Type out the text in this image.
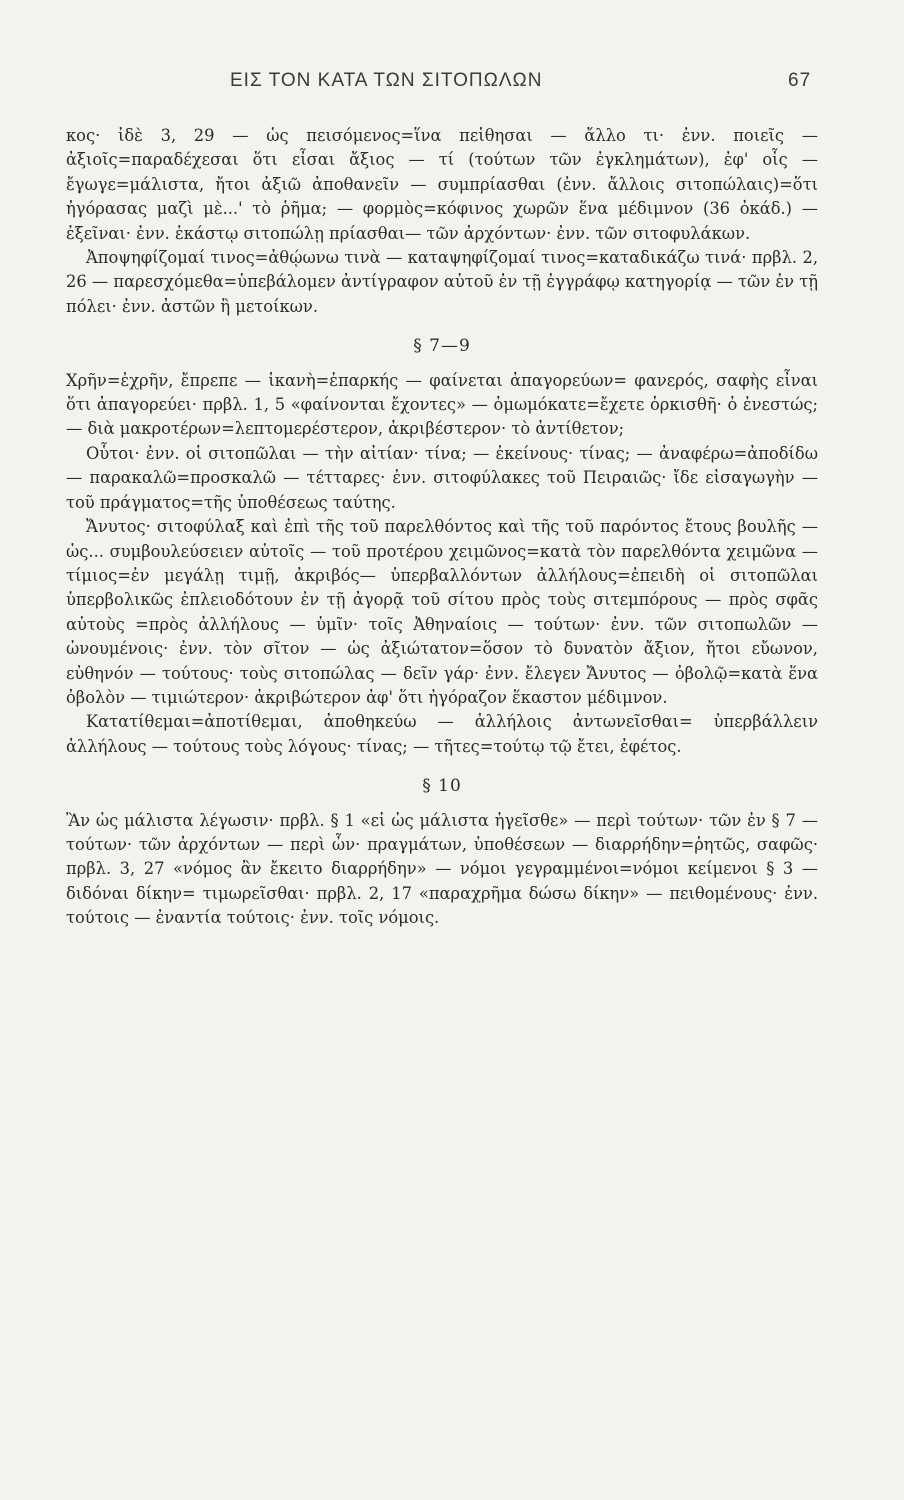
ΕΙΣ ΤΟΝ ΚΑΤΑ ΤΩΝ ΣΙΤΟΠΩΛΩΝ	67

κος· ἰδὲ 3, 29 — ὡς πεισόμενος=ἵνα πεἱθησαι — ἄλλο τι· ἐνν. ποιεῖς — ἀξιοῖς=παραδέχεσαι ὅτι εἶσαι ἄξιος — τί (τούτων τῶν ἐγκλημάτων), ἐφ' οἷς — ἔγωγε=μάλιστα, ἤτοι ἀξιῶ ἀποθανεῖν — συμπρίασθαι (ἐνν. ἄλλοις σιτοπώλαις)=ὅτι ἠγόρασας μαζὶ μὲ...' τὸ ῥῆμα; — φορμὸς=κόφινος χωρῶν ἕνα μέδιμνον (36 ὀκάδ.) — ἐξεῖναι· ἐνν. ἑκάστῳ σιτοπώλῃ πρίασθαι— τῶν ἀρχόντων· ἐνν. τῶν σιτοφυλάκων.

Ἀποψηφίζομαί τινος=ἀθῴωνω τινὰ — καταψηφίζομαί τινος=καταδικάζω τινά· πρβλ. 2, 26 — παρεσχόμεθα=ὑπεβάλομεν ἀντίγραφον αὐτοῦ ἐν τῇ ἐγγράφῳ κατηγορίᾳ — τῶν ἐν τῇ πόλει· ἐνν. ἀστῶν ἢ μετοίκων.

§ 7—9

Χρῆν=ἐχρῆν, ἔπρεπε — ἱκανὴ=ἐπαρκής — φαίνεται ἀπαγορεύων= φανερός, σαφὴς εἶναι ὅτι ἀπαγορεύει· πρβλ. 1, 5 «φαίνονται ἔχοντες» — ὁμωμόκατε=ἔχετε ὁρκισθῆ· ὁ ἐνεστώς; — διὰ μακροτέρων=λεπτομερέστερον, ἀκριβέστερον· τὸ ἀντίθετον;

Οὗτοι· ἐνν. οἱ σιτοπῶλαι — τὴν αἰτίαν· τίνα; — ἐκείνους· τίνας; — ἀναφέρω=ἀποδίδω — παρακαλῶ=προσκαλῶ — τέτταρες· ἐνν. σιτοφύλακες τοῦ Πειραιῶς· ἴδε εἰσαγωγὴν — τοῦ πράγματος=τῆς ὑποθέσεως ταύτης.

Ἄνυτος· σιτοφύλαξ καὶ ἐπὶ τῆς τοῦ παρελθόντος καὶ τῆς τοῦ παρόντος ἔτους βουλῆς — ὡς... συμβουλεύσειεν αὐτοῖς — τοῦ προτέρου χειμῶνος=κατὰ τὸν παρελθόντα χειμῶνα — τίμιος=ἐν μεγάλῃ τιμῇ, ἀκριβός— ὑπερβαλλόντων ἀλλήλους=ἐπειδὴ οἱ σιτοπῶλαι ὑπερβολικῶς ἐπλειοδότουν ἐν τῇ ἀγορᾷ τοῦ σίτου πρὸς τοὺς σιτεμπόρους — πρὸς σφᾶς αὐτοὺς =πρὸς ἀλλήλους — ὑμῖν· τοῖς Ἀθηναίοις — τούτων· ἐνν. τῶν σιτοπωλῶν — ὠνουμένοις· ἐνν. τὸν σῖτον — ὡς ἀξιώτατον=ὅσον τὸ δυνατὸν ἄξιον, ἤτοι εὔωνον, εὐθηνόν — τούτους· τοὺς σιτοπώλας — δεῖν γάρ· ἐνν. ἔλεγεν Ἄνυτος — ὀβολῷ=κατὰ ἕνα ὀβολὸν — τιμιώτερον· ἀκριβώτερον ἀφ' ὅτι ἠγόραζον ἕκαστον μέδιμνον.

Κατατίθεμαι=ἀποτίθεμαι, ἀποθηκεύω — ἀλλήλοις ἀντωνεῖσθαι= ὑπερβάλλειν ἀλλήλους — τούτους τοὺς λόγους· τίνας; — τῆτες=τούτῳ τῷ ἔτει, ἐφέτος.

§ 10

Ἂν ὡς μάλιστα λέγωσιν· πρβλ. § 1 «εἰ ὡς μάλιστα ἡγεῖσθε» — περὶ τούτων· τῶν ἐν § 7 — τούτων· τῶν ἀρχόντων — περὶ ὧν· πραγμάτων, ὑποθέσεων — διαρρήδην=ῥητῶς, σαφῶς· πρβλ. 3, 27 «νόμος ἂν ἔκειτο διαρρήδην» — νόμοι γεγραμμένοι=νόμοι κείμενοι § 3 — διδόναι δίκην= τιμωρεῖσθαι· πρβλ. 2, 17 «παραχρῆμα δώσω δίκην» — πειθομένους· ἐνν. τούτοις — ἐναντία τούτοις· ἐνν. τοῖς νόμοις.
